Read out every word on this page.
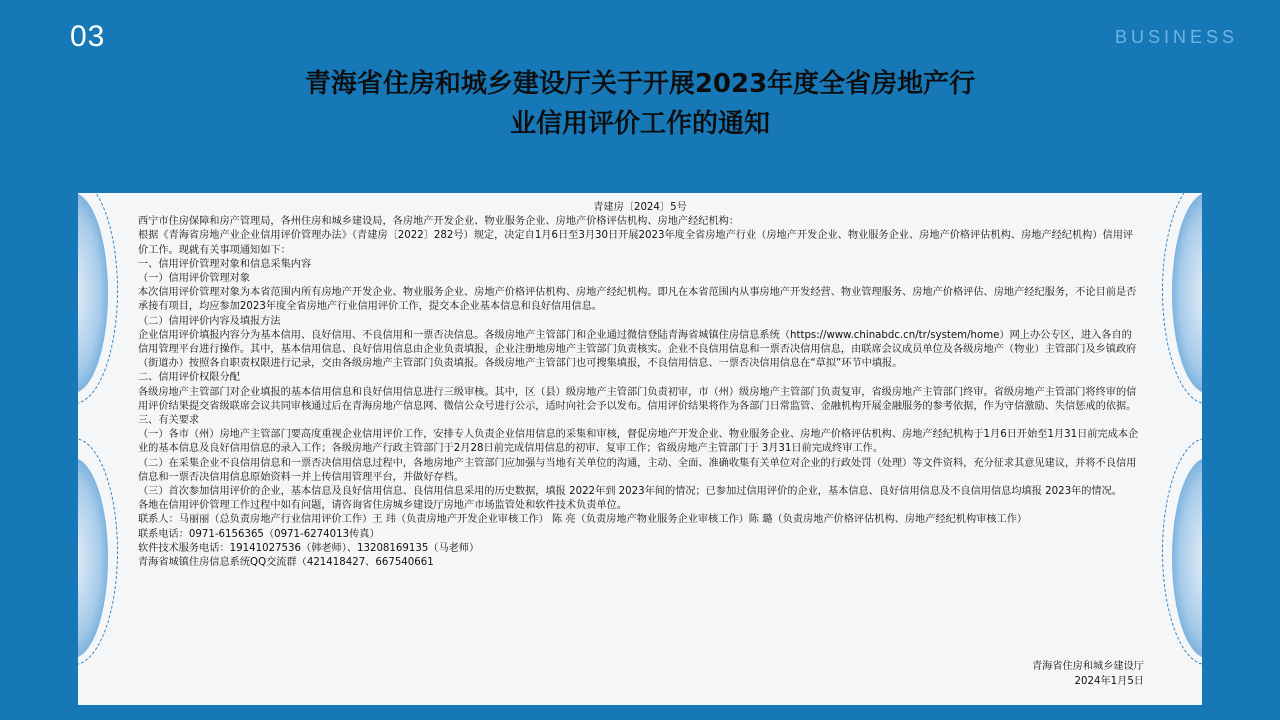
03	BUSINESS
青海省住房和城乡建设厅关于开展2023年度全省房地产行
业信用评价工作的通知

青建房〔2024〕5号

西宁市住房保障和房产管理局，各州住房和城乡建设局，各房地产开发企业、物业服务企业、房地产价格评估机构、房地产经纪机构：

根据《青海省房地产业企业信用评价管理办法》（青建房〔2022〕282号）规定，决定自1月6日至3月30日开展2023年度全省房地产行业（房地产开发企业、物业服务企业、房地产价格评估机构、房地产经纪机构）信用评价工作。现就有关事项通知如下：

一、信用评价管理对象和信息采集内容

（一）信用评价管理对象

本次信用评价管理对象为本省范围内所有房地产开发企业、物业服务企业、房地产价格评估机构、房地产经纪机构。即凡在本省范围内从事房地产开发经营、物业管理服务、房地产价格评估、房地产经纪服务，不论目前是否承接有项目，均应参加2023年度全省房地产行业信用评价工作，提交本企业基本信息和良好信用信息。

（二）信用评价内容及填报方法

企业信用评价填报内容分为基本信用、良好信用、不良信用和一票否决信息。各级房地产主管部门和企业通过微信登陆青海省城镇住房信息系统（https://www.chinabdc.cn/tr/system/home）网上办公专区，进入各自的信用管理平台进行操作。其中，基本信用信息、良好信用信息由企业负责填报，企业注册地房地产主管部门负责核实。企业不良信用信息和一票否决信用信息，由联席会议成员单位及各级房地产（物业）主管部门及乡镇政府（街道办）按照各自职责权限进行记录，交由各级房地产主管部门负责填报。各级房地产主管部门也可搜集填报，不良信用信息、一票否决信用信息在“草拟”环节中填报。

二、信用评价权限分配

各级房地产主管部门对企业填报的基本信用信息和良好信用信息进行三级审核。其中，区（县）级房地产主管部门负责初审，市（州）级房地产主管部门负责复审，省级房地产主管部门终审。省级房地产主管部门将终审的信用评价结果提交省级联席会议共同审核通过后在青海房地产信息网、微信公众号进行公示，适时向社会予以发布。信用评价结果将作为各部门日常监管、金融机构开展金融服务的参考依据，作为守信激励、失信惩戒的依据。

三、有关要求

（一）各市（州）房地产主管部门要高度重视企业信用评价工作，安排专人负责企业信用信息的采集和审核，督促房地产开发企业、物业服务企业、房地产价格评估机构、房地产经纪机构于1月6日开始至1月31日前完成本企业的基本信息及良好信用信息的录入工作；各级房地产行政主管部门于2月28日前完成信用信息的初审、复审工作；省级房地产主管部门于 3月31日前完成终审工作。

（二）在采集企业不良信用信息和一票否决信用信息过程中，各地房地产主管部门应加强与当地有关单位的沟通，主动、全面、准确收集有关单位对企业的行政处罚（处理）等文件资料，充分征求其意见建议，并将不良信用信息和一票否决信用信息原始资料一并上传信用管理平台，并做好存档。

（三）首次参加信用评价的企业，基本信息及良好信用信息、良信用信息采用的历史数据，填报 2022年到 2023年间的情况；已参加过信用评价的企业，基本信息、良好信用信息及不良信用信息均填报 2023年的情况。

各地在信用评价管理工作过程中如有问题，请咨询省住房城乡建设厅房地产市场监管处和软件技术负责单位。

联系人：马丽丽（总负责房地产行业信用评价工作）王 玮（负责房地产开发企业审核工作） 陈 亮（负责房地产物业服务企业审核工作）陈 璐（负责房地产价格评估机构、房地产经纪机构审核工作）

联系电话：0971-6156365（0971-6274013传真）

软件技术服务电话：19141027536（韩老师）、13208169135（马老师）

青海省城镇住房信息系统QQ交流群（421418427、667540661

青海省住房和城乡建设厅
2024年1月5日
